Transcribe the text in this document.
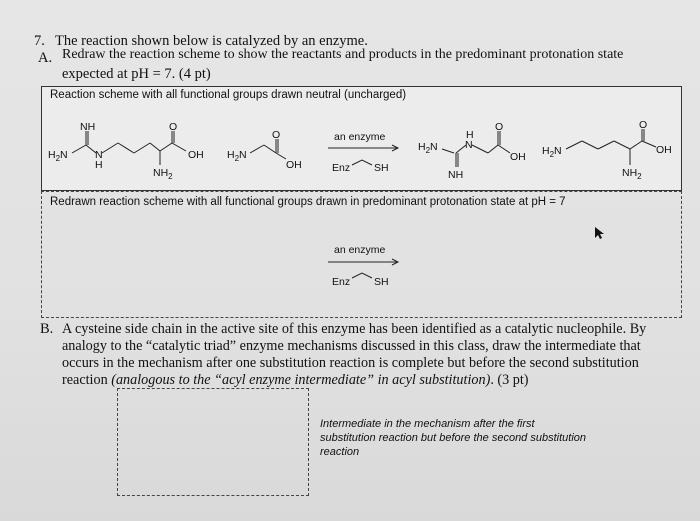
7. The reaction shown below is catalyzed by an enzyme.
A. Redraw the reaction scheme to show the reactants and products in the predominant protonation state
expected at pH = 7. (4 pt)
Reaction scheme with all functional groups drawn neutral (uncharged)
NH
$H_2N$	N
H
O
OH
$NH_2$
$H_2N$
O
OH
an enzyme
Enz SH
$H_2N$
H
N
O
OH
NH
$H_2N$
O
OH
$NH_2$
Redrawn reaction scheme with all functional groups drawn in predominant protonation state at pH = 7
an enzyme
Enz SH
B. A cysteine side chain in the active site of this enzyme has been identified as a catalytic nucleophile. By
analogy to the “catalytic triad” enzyme mechanisms discussed in this class, draw the intermediate that
occurs in the mechanism after one substitution reaction is complete but before the second substitution
reaction (analogous to the “acyl enzyme intermediate” in acyl substitution). (3 pt)
Intermediate in the mechanism after the first
substitution reaction but before the second substitution
reaction
